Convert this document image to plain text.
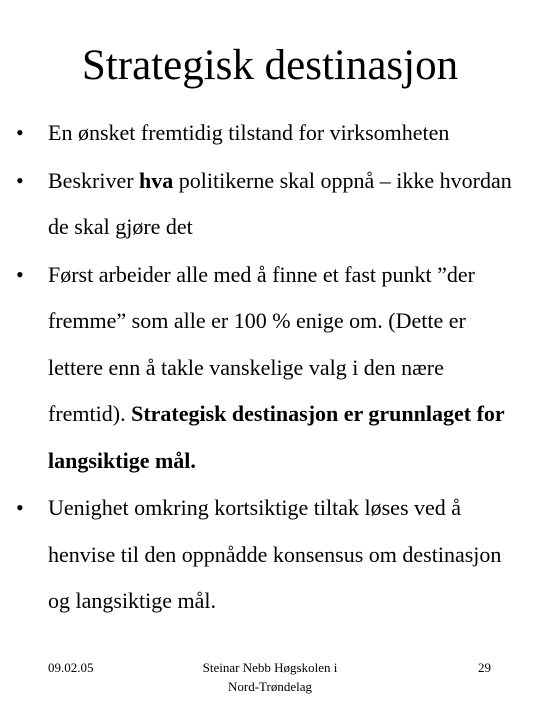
Strategisk destinasjon
•	En ønsket fremtidig tilstand for virksomheten
•	Beskriver hva politikerne skal oppnå – ikke hvordan de skal gjøre det
•	Først arbeider alle med å finne et fast punkt ”der fremme” som alle er 100 % enige om. (Dette er lettere enn å takle vanskelige valg i den nære fremtid). Strategisk destinasjon er grunnlaget for langsiktige mål.
•	Uenighet omkring kortsiktige tiltak løses ved å henvise til den oppnådde konsensus om destinasjon og langsiktige mål.
09.02.05	Steinar Nebb Høgskolen i
Nord-Trøndelag
29
